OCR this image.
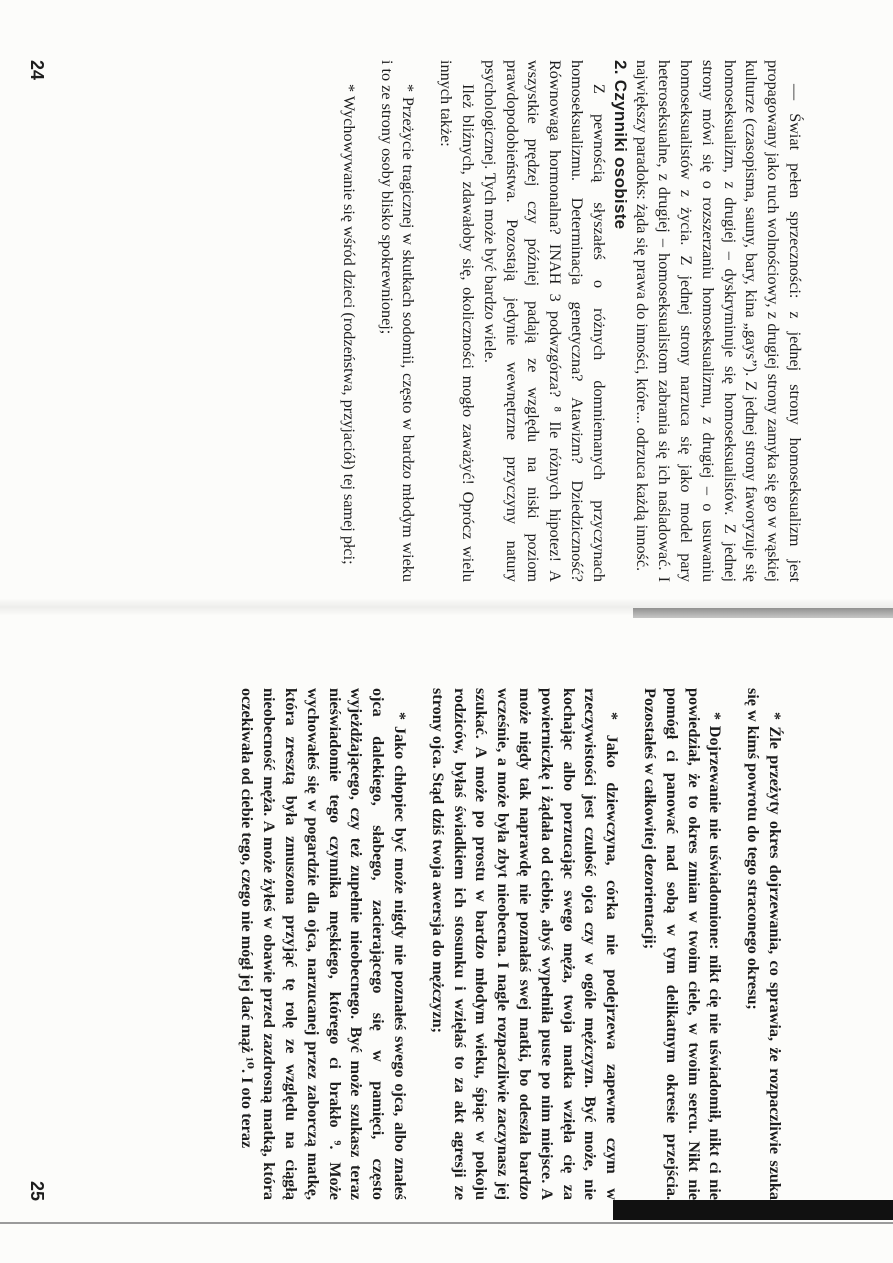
— Świat pełen sprzeczności: z jednej strony homoseksualizm jest propagowany jako ruch wolnościowy, z drugiej strony zamyka się go w wąskiej kulturze (czasopisma, sauny, bary, kina „gays”). Z jednej strony faworyzuje się homoseksualizm, z drugiej – dyskryminuje się homoseksualistów. Z jednej strony mówi się o rozszerzaniu homoseksualizmu, z drugiej – o usuwaniu homoseksualistów z życia. Z jednej strony narzuca się jako model pary heteroseksualne, z drugiej – homoseksualistom zabrania się ich naśladować. I największy paradoks: żąda się prawa do inności, które... odrzuca każdą inność.

2. Czynniki osobiste

Z pewnością słyszałeś o różnych domniemanych przyczynach homoseksualizmu. Determinacja genetyczna? Atawizm? Dziedziczność? Równowaga hormonalna? INAH 3 podwzgórza? ⁸ Ile różnych hipotez! A wszystkie prędzej czy później padają ze względu na niski poziom prawdopodobieństwa. Pozostają jedynie wewnętrzne przyczyny natury psychologicznej. Tych może być bardzo wiele.

Ileż bliźnych, zdawałoby się, okoliczności mogło zaważyć! Oprócz wielu innych także:

* Przeżycie tragicznej w skutkach sodomii, często w bardzo młodym wieku i to ze strony osoby blisko spokrewnionej;

* Wychowywanie się wśród dzieci (rodzeństwa, przyjaciół) tej samej płci;

24

* Źle przeżyty okres dojrzewania, co sprawia, że rozpaczliwie szuka się w kimś powrotu do tego straconego okresu;

* Dojrzewanie nie uświadomione: nikt cię nie uświadomił, nikt ci nie powiedział, że to okres zmian w twoim ciele, w twoim sercu. Nikt nie pomógł ci panować nad sobą w tym delikatnym okresie przejścia. Pozostałeś w całkowitej dezorientacji;

* Jako dziewczyna, córka nie podejrzewa zapewne czym w rzeczywistości jest czułość ojca czy w ogóle mężczyzn. Być może, nie kochając albo porzucając swego męża, twoja matka wzięła cię za powierniczkę i żądała od ciebie, abyś wypełniła puste po nim miejsce. A może nigdy tak naprawdę nie poznałaś swej matki, bo odeszła bardzo wcześnie, a może była zbyt nieobecna. I nagle rozpaczliwie zaczynasz jej szukać. A może po prostu w bardzo młodym wieku, śpiąc w pokoju rodziców, byłaś świadkiem ich stosunku i wzięłaś to za akt agresji ze strony ojca. Stąd dziś twoja awersja do mężczyzn;

* Jako chłopiec być może nigdy nie poznałeś swego ojca, albo znałeś ojca dalekiego, słabego, zacierającego się w pamięci, często wyjeżdżającego, czy też zupełnie nieobecnego. Być może szukasz teraz nieświadomie tego czynnika męskiego, którego ci brakło ⁹. Może wychowałeś się w pogardzie dla ojca, narzucanej przez zaborczą matkę, która zresztą była zmuszona przyjąć tę rolę ze względu na ciągłą nieobecność męża. A może żyłeś w obawie przed zazdrosną matką, która oczekiwała od ciebie tego, czego nie mógł jej dać mąż ¹⁰. I oto teraz

25
